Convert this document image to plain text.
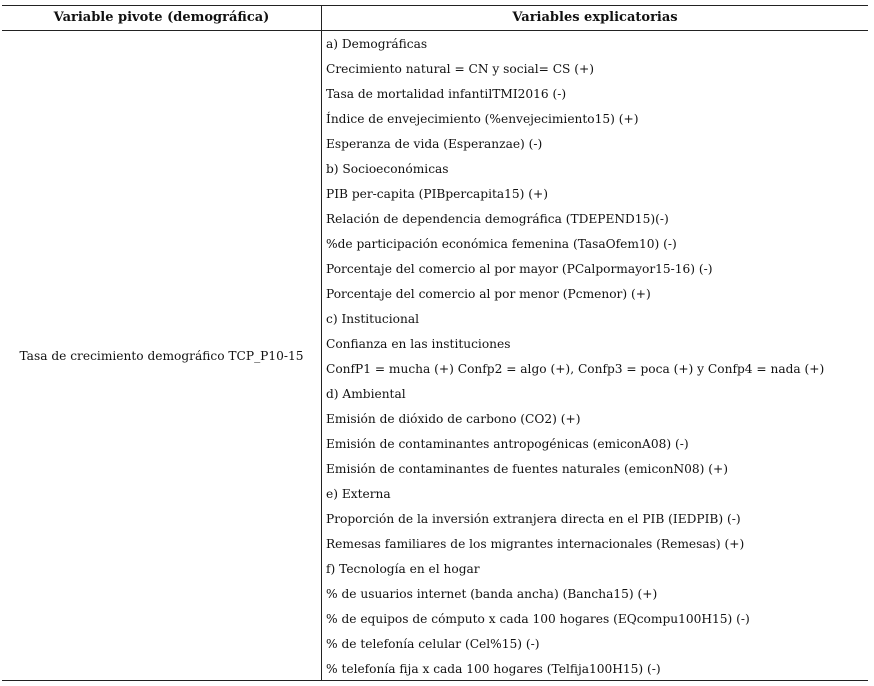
Variable pivote (demográfica)	Variables explicatorias
Tasa de crecimiento demográfico TCP_P10-15
a) Demográficas
Crecimiento natural = CN y social= CS (+)
Tasa de mortalidad infantilTMI2016 (-)
Índice de envejecimiento (%envejecimiento15) (+)
Esperanza de vida (Esperanzae) (-)
b) Socioeconómicas
PIB per-capita (PIBpercapita15) (+)
Relación de dependencia demográfica (TDEPEND15)(-)
%de participación económica femenina (TasaOfem10) (-)
Porcentaje del comercio al por mayor (PCalpormayor15-16) (-)
Porcentaje del comercio al por menor (Pcmenor) (+)
c) Institucional
Confianza en las instituciones
ConfP1 = mucha (+) Confp2 = algo (+), Confp3 = poca (+) y Confp4 = nada (+)
d) Ambiental
Emisión de dióxido de carbono (CO2) (+)
Emisión de contaminantes antropogénicas (emiconA08) (-)
Emisión de contaminantes de fuentes naturales (emiconN08) (+)
e) Externa
Proporción de la inversión extranjera directa en el PIB (IEDPIB) (-)
Remesas familiares de los migrantes internacionales (Remesas) (+)
f) Tecnología en el hogar
% de usuarios internet (banda ancha) (Bancha15) (+)
% de equipos de cómputo x cada 100 hogares (EQcompu100H15) (-)
% de telefonía celular (Cel%15) (-)
% telefonía fija x cada 100 hogares (Telfija100H15) (-)
